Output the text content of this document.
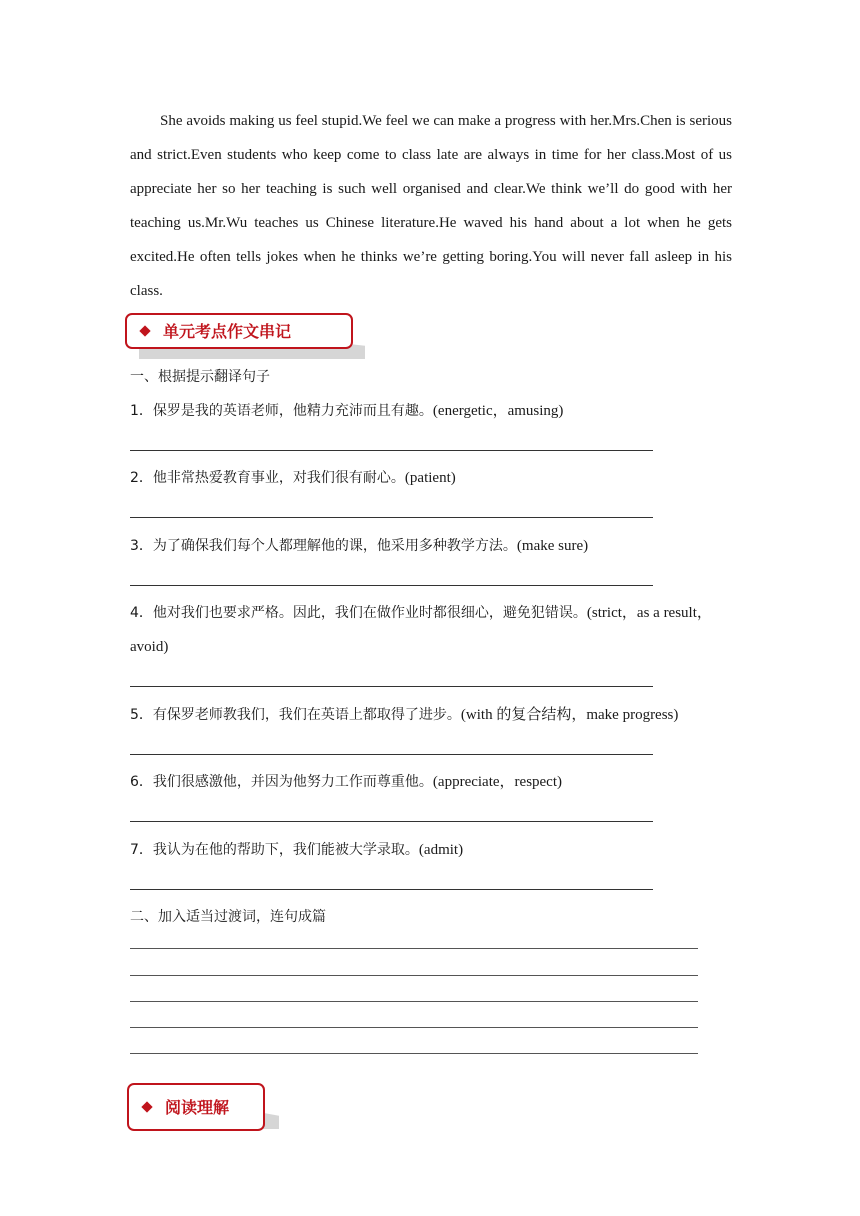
She avoids making us feel stupid.We feel we can make a progress with her.Mrs.Chen is serious and strict.Even students who keep come to class late are always in time for her class.Most of us appreciate her so her teaching is such well organised and clear.We think we’ll do good with her teaching us.Mr.Wu teaches us Chinese literature.He waved his hand about a lot when he gets excited.He often tells jokes when he thinks we’re getting boring.You will never fall asleep in his class.

单元考点作文串记
一、根据提示翻译句子
1．保罗是我的英语老师，他精力充沛而且有趣。(energetic，amusing)
2．他非常热爱教育事业，对我们很有耐心。(patient)
3．为了确保我们每个人都理解他的课，他采用多种教学方法。(make sure)
4．他对我们也要求严格。因此，我们在做作业时都很细心，避免犯错误。(strict，as a result，
avoid)
5．有保罗老师教我们，我们在英语上都取得了进步。(with 的复合结构，make progress)
6．我们很感激他，并因为他努力工作而尊重他。(appreciate，respect)
7．我认为在他的帮助下，我们能被大学录取。(admit)
二、加入适当过渡词，连句成篇
阅读理解
